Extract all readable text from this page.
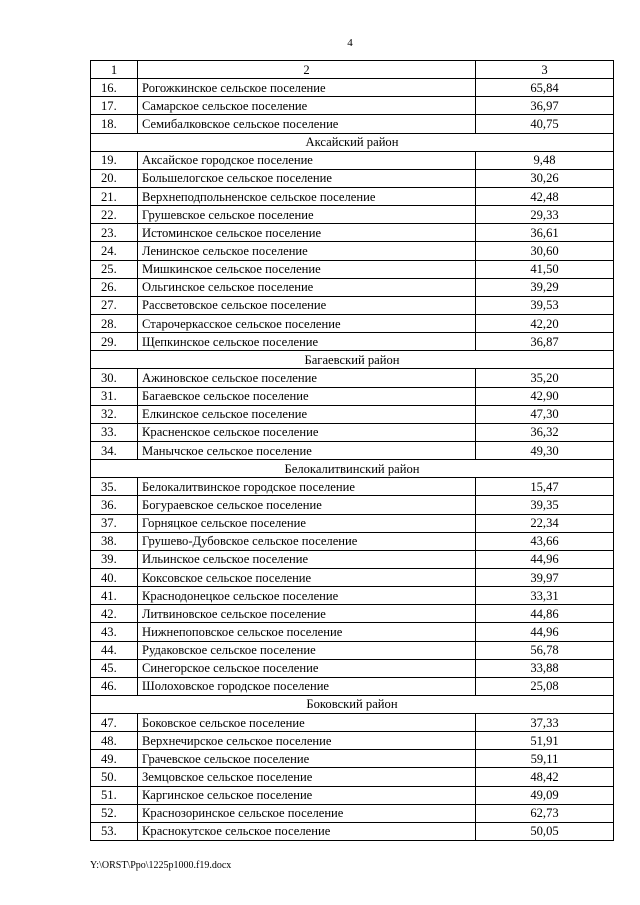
4
1	2	3
16.	Рогожкинское сельское поселение	65,84
17.	Самарское сельское поселение	36,97
18.	Семибалковское сельское поселение	40,75
Аксайский район		
19.	Аксайское городское поселение	9,48
20.	Большелогское сельское поселение	30,26
21.	Верхнеподпольненское сельское поселение	42,48
22.	Грушевское сельское поселение	29,33
23.	Истоминское сельское поселение	36,61
24.	Ленинское сельское поселение	30,60
25.	Мишкинское сельское поселение	41,50
26.	Ольгинское сельское поселение	39,29
27.	Рассветовское сельское поселение	39,53
28.	Старочеркасское сельское поселение	42,20
29.	Щепкинское сельское поселение	36,87
Багаевский район		
30.	Ажиновское сельское поселение	35,20
31.	Багаевское сельское поселение	42,90
32.	Елкинское сельское поселение	47,30
33.	Красненское сельское поселение	36,32
34.	Манычское сельское поселение	49,30
Белокалитвинский район		
35.	Белокалитвинское городское поселение	15,47
36.	Богураевское сельское поселение	39,35
37.	Горняцкое сельское поселение	22,34
38.	Грушево-Дубовское сельское поселение	43,66
39.	Ильинское сельское поселение	44,96
40.	Коксовское сельское поселение	39,97
41.	Краснодонецкое сельское поселение	33,31
42.	Литвиновское сельское поселение	44,86
43.	Нижнепоповское сельское поселение	44,96
44.	Рудаковское сельское поселение	56,78
45.	Синегорское сельское поселение	33,88
46.	Шолоховское городское поселение	25,08
Боковский район		
47.	Боковское сельское поселение	37,33
48.	Верхнечирское сельское поселение	51,91
49.	Грачевское сельское поселение	59,11
50.	Земцовское сельское поселение	48,42
51.	Каргинское сельское поселение	49,09
52.	Краснозоринское сельское поселение	62,73
53.	Краснокутское сельское поселение	50,05
Y:\ORST\Ppo\1225p1000.f19.docx
